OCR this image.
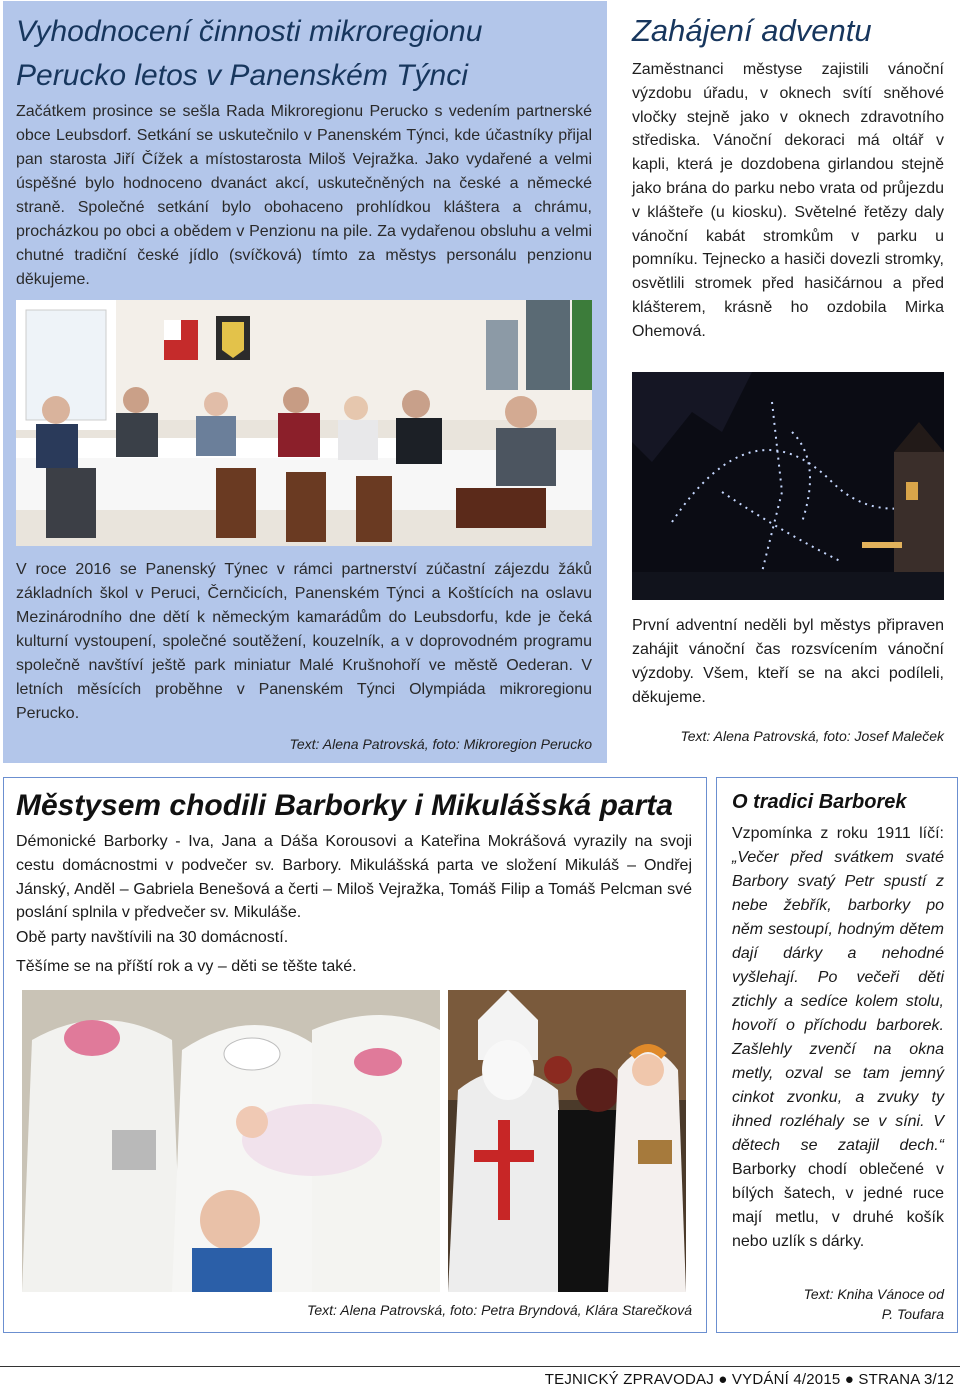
Vyhodnocení činnosti mikroregionu Perucko letos v Panenském Týnci

Začátkem prosince se sešla Rada Mikroregionu Perucko s vedením partnerské obce Leubsdorf. Setkání se uskutečnilo v Panenském Týnci, kde účastníky přijal pan starosta Jiří Čížek a místostarosta Miloš Vejražka. Jako vydařené a velmi úspěšné bylo hodnoceno dvanáct akcí, uskutečněných na české a německé straně. Společné setkání bylo obohaceno prohlídkou kláštera a chrámu, procházkou po obci a obědem v Penzionu na pile. Za vydařenou obsluhu a velmi chutné tradiční české jídlo (svíčková) tímto za městys personálu penzionu děkujeme.

V roce 2016 se Panenský Týnec v rámci partnerství zúčastní zájezdu žáků základních škol v Peruci, Černčicích, Panenském Týnci a Koštících na oslavu Mezinárodního dne dětí k německým kamarádům do Leubsdorfu, kde je čeká kulturní vystoupení, společné soutěžení, kouzelník, a v doprovodném programu společně navštíví ještě park miniatur Malé Krušnohoří ve městě Oederan. V letních měsících proběhne v Panenském Týnci Olympiáda mikroregionu Perucko.

Text: Alena Patrovská, foto: Mikroregion Perucko

Zahájení adventu

Zaměstnanci městyse zajistili vánoční výzdobu úřadu, v oknech svítí sněhové vločky stejně jako v oknech zdravotního střediska. Vánoční dekoraci má oltář v kapli, která je dozdobena girlandou stejně jako brána do parku nebo vrata od průjezdu v klášteře (u kiosku). Světelné řetězy daly vánoční kabát stromkům v parku u pomníku. Tejnecko a hasiči dovezli stromky, osvětlili stromek před hasičárnou a před klášterem, krásně ho ozdobila Mirka Ohemová.

První adventní neděli byl městys připraven zahájit vánoční čas rozsvícením vánoční výzdoby. Všem, kteří se na akci podíleli, děkujeme.

Text: Alena Patrovská, foto: Josef Maleček

Městysem chodili Barborky i Mikulášská parta

Démonické Barborky - Iva, Jana a Dáša Korousovi a Kateřina Mokrášová vyrazily na svoji cestu domácnostmi v podvečer sv. Barbory. Mikulášská parta ve složení Mikuláš – Ondřej Jánský, Anděl – Gabriela Benešová a čerti – Miloš Vejražka, Tomáš Filip a Tomáš Pelcman své poslání splnila v předvečer sv. Mikuláše.

Obě party navštívili na 30 domácností.

Těšíme se na příští rok a vy – děti se těšte také.

Text: Alena Patrovská, foto: Petra Bryndová, Klára Starečková

O tradici Barborek

Vzpomínka z roku 1911 líčí: „Večer před svátkem svaté Barbory svatý Petr spustí z nebe žebřík, barborky po něm sestoupí, hodným dětem dají dárky a nehodné vyšlehají. Po večeři děti ztichly a sedíce kolem stolu, hovoří o příchodu barborek. Zašlehly zvenčí na okna metly, ozval se tam jemný cinkot zvonku, a zvuky ty ihned rozléhaly se v síni. V dětech se zatajil dech.“ Barborky chodí oblečené v bílých šatech, v jedné ruce mají metlu, v druhé košík nebo uzlík s dárky.

Text: Kniha Vánoce od
P. Toufara

TEJNICKÝ ZPRAVODAJ ● VYDÁNÍ 4/2015 ● STRANA 3/12
